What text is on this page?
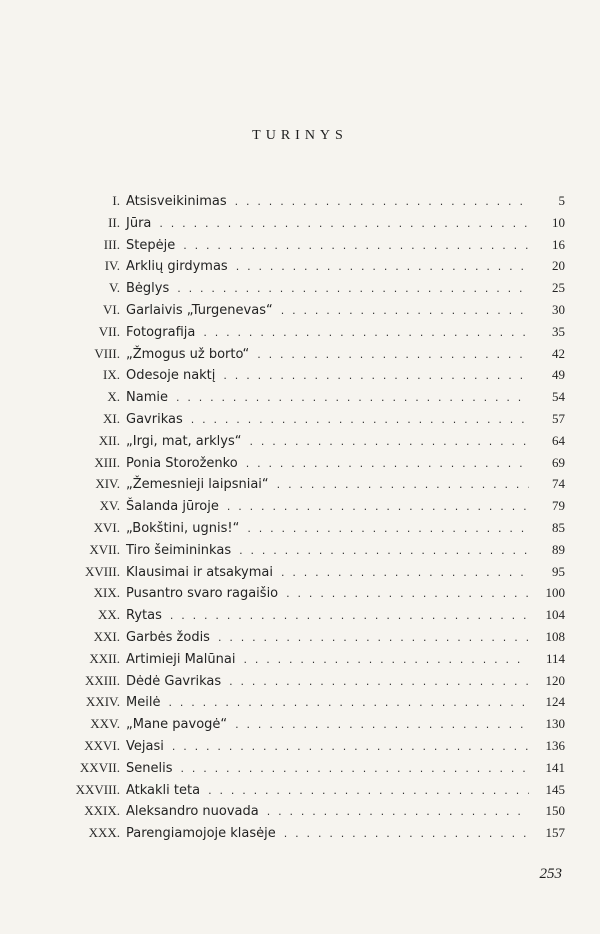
TURINYS
I. Atsisveikinimas . . .	5
II. Jūra . . .	10
III. Stepėje . . .	16
IV. Arklių girdymas . . .	20
V. Bėglys . . .	25
VI. Garlaivis „Turgenevas“ . . .	30
VII. Fotografija . . .	35
VIII. „Žmogus už borto“ . . .	42
IX. Odesoje naktį . . .	49
X. Namie . . .	54
XI. Gavrikas . . .	57
XII. „Irgi, mat, arklys“ . . .	64
XIII. Ponia Storoženko . . .	69
XIV. „Žemesnieji laipsniai“ . . .	74
XV. Šalanda jūroje . . .	79
XVI. „Bokštini, ugnis!“ . . .	85
XVII. Tiro šeimininkas . . .	89
XVIII. Klausimai ir atsakymai . . .	95
XIX. Pusantro svaro ragaišio . . .	100
XX. Rytas . . .	104
XXI. Garbės žodis . . .	108
XXII. Artimieji Malūnai . . .	114
XXIII. Dėdė Gavrikas . . .	120
XXIV. Meilė . . .	124
XXV. „Mane pavogė“ . . .	130
XXVI. Vejasi . . .	136
XXVII. Senelis . . .	141
XXVIII. Atkakli teta . . .	145
XXIX. Aleksandro nuovada . . .	150
XXX. Parengiamojoje klasėje . . .	157
253
